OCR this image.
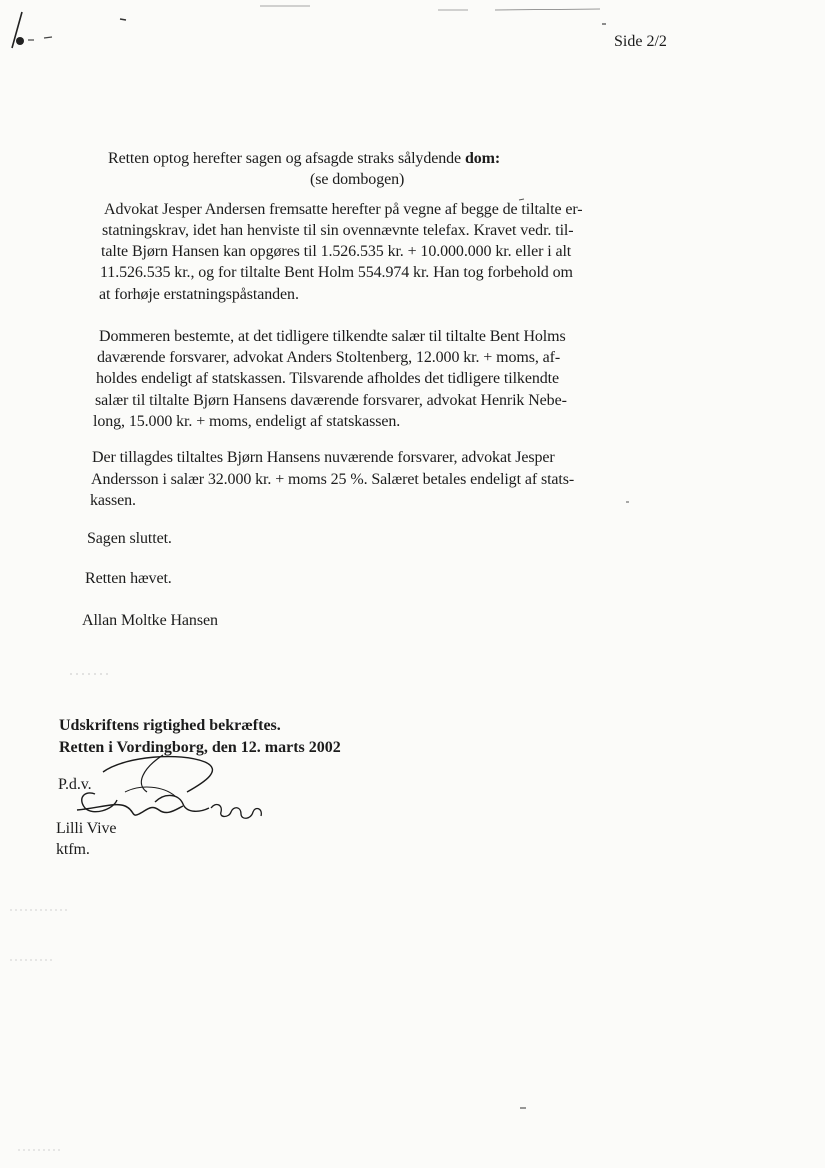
Side 2/2
Retten optog herefter sagen og afsagde straks sålydende dom:
(se dombogen)
Advokat Jesper Andersen fremsatte herefter på vegne af begge de tiltalte er-
statningskrav, idet han henviste til sin ovennævnte telefax. Kravet vedr. til-
talte Bjørn Hansen kan opgøres til 1.526.535 kr. + 10.000.000 kr. eller i alt
11.526.535 kr., og for tiltalte Bent Holm 554.974 kr. Han tog forbehold om
at forhøje erstatningspåstanden.
Dommeren bestemte, at det tidligere tilkendte salær til tiltalte Bent Holms
daværende forsvarer, advokat Anders Stoltenberg, 12.000 kr. + moms, af-
holdes endeligt af statskassen. Tilsvarende afholdes det tidligere tilkendte
salær til tiltalte Bjørn Hansens daværende forsvarer, advokat Henrik Nebe-
long, 15.000 kr. + moms, endeligt af statskassen.
Der tillagdes tiltaltes Bjørn Hansens nuværende forsvarer, advokat Jesper
Andersson i salær 32.000 kr. + moms 25 %. Salæret betales endeligt af stats-
kassen.
Sagen sluttet.
Retten hævet.
Allan Moltke Hansen
Udskriftens rigtighed bekræftes.
Retten i Vordingborg, den 12. marts 2002
P.d.v.
Lilli Vive
ktfm.
